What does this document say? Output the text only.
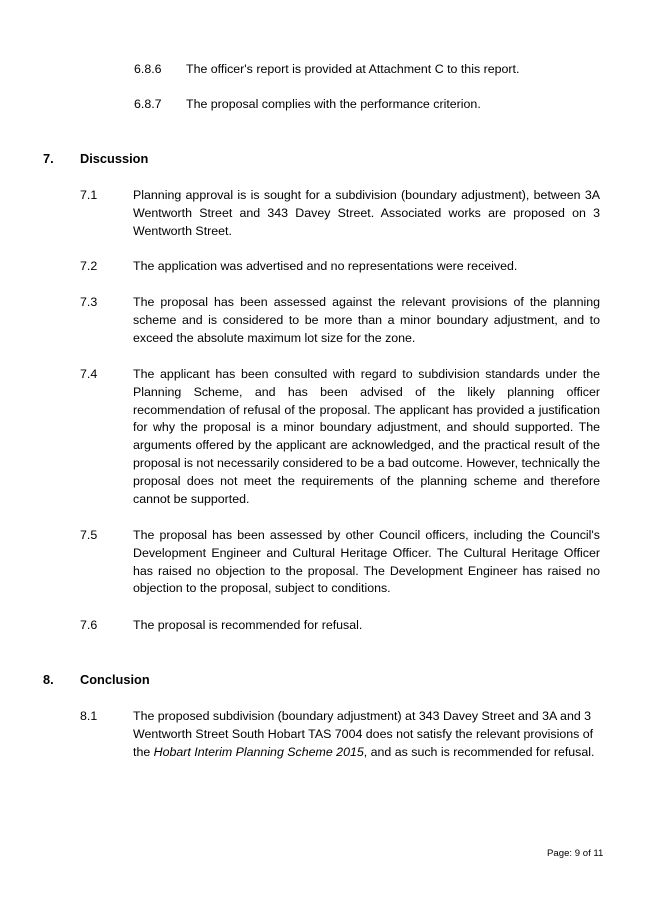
6.8.6 The officer's report is provided at Attachment C to this report.
6.8.7 The proposal complies with the performance criterion.
7. Discussion
7.1	Planning approval is is sought for a subdivision (boundary adjustment), between 3A Wentworth Street and 343 Davey Street. Associated works are proposed on 3 Wentworth Street.
7.2	The application was advertised and no representations were received.
7.3	The proposal has been assessed against the relevant provisions of the planning scheme and is considered to be more than a minor boundary adjustment, and to exceed the absolute maximum lot size for the zone.
7.4	The applicant has been consulted with regard to subdivision standards under the Planning Scheme, and has been advised of the likely planning officer recommendation of refusal of the proposal. The applicant has provided a justification for why the proposal is a minor boundary adjustment, and should supported. The arguments offered by the applicant are acknowledged, and the practical result of the proposal is not necessarily considered to be a bad outcome. However, technically the proposal does not meet the requirements of the planning scheme and therefore cannot be supported.
7.5	The proposal has been assessed by other Council officers, including the Council's Development Engineer and Cultural Heritage Officer. The Cultural Heritage Officer has raised no objection to the proposal. The Development Engineer has raised no objection to the proposal, subject to conditions.
7.6	The proposal is recommended for refusal.
8. Conclusion
8.1	The proposed subdivision (boundary adjustment) at 343 Davey Street and 3A and 3 Wentworth Street South Hobart TAS 7004 does not satisfy the relevant provisions of the Hobart Interim Planning Scheme 2015, and as such is recommended for refusal.
Page: 9 of 11
